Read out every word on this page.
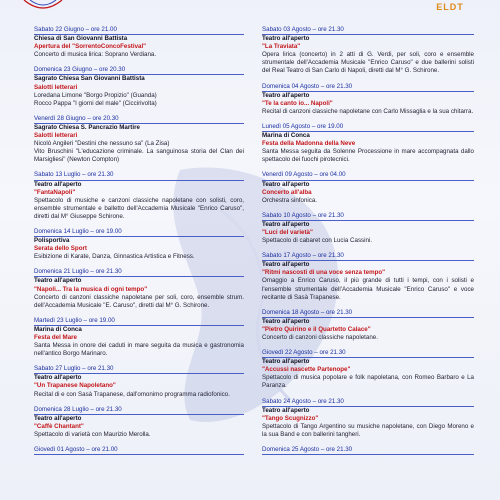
ELDT
Sabato 22 Giugno – ore 21.00
Chiesa di San Giovanni Battista
Apertura del "SorrentoConcoFestival"
Concerto di musica lirica: Soprano Verdiana.
Domenica 23 Giugno – ore 20.30
Sagrato Chiesa San Giovanni Battista
Salotti letterari
Loredana Limone "Borgo Propizio" (Guanda)
Rocco Pappa "I giorni del male" (Ciccirivolta)
Venerdì 28 Giugno – ore 20.30
Sagrato Chiesa S. Pancrazio Martire
Salotti letterari
Nicolò Angileri "Destini che nessuno sa" (La Zisa)
Vito Bruschini "L'educazione criminale. La sanguinosa storia del Clan dei Marsigliesi" (Newton Compton)
Sabato 13 Luglio – ore 21.30
Teatro all'aperto
"FantaNapoli"
Spettacolo di musiche e canzoni classiche napoletane con solisti, coro, ensemble strumentale e balletto dell'Accademia Musicale "Enrico Caruso", diretti dal M° Giuseppe Schirone.
Domenica 14 Luglio – ore 19.00
Polisportiva
Serata dello Sport
Esibizione di Karate, Danza, Ginnastica Artistica e Fitness.
Domenica 21 Luglio – ore 21.30
Teatro all'aperto
"Napoli... Tra la musica di ogni tempo"
Concerto di canzoni classiche napoletane per soli, coro, ensemble strum. dell'Accademia Musicale "E. Caruso", diretti dal M° G. Schirone.
Martedì 23 Luglio – ore 19.00
Marina di Conca
Festa del Mare
Santa Messa in onore dei caduti in mare seguita da musica e gastronomia nell'antico Borgo Marinaro.
Sabato 27 Luglio – ore 21.30
Teatro all'aperto
"Un Trapanese Napoletano"
Recital di e con Sasà Trapanese, dall'omonimo programma radiofonico.
Domenica 28 Luglio – ore 21.30
Teatro all'aperto
"Caffè Chantant"
Spettacolo di varietà con Maurizio Merolla.
Giovedì 01 Agosto – ore 21.00
Sabato 03 Agosto – ore 21.30
Teatro all'aperto
"La Traviata"
Opera lirica (concerto) in 2 atti di G. Verdi, per soli, coro e ensemble strumentale dell'Accademia Musicale "Enrico Caruso" e due ballerini solisti del Real Teatro di San Carlo di Napoli, diretti dal M° G. Schirone.
Domenica 04 Agosto – ore 21.30
Teatro all'aperto
"Te la canto io... Napoli"
Recital di canzoni classiche napoletane con Carlo Missaglia e la sua chitarra.
Lunedì 05 Agosto – ore 19.00
Marina di Conca
Festa della Madonna della Neve
Santa Messa seguita da Solenne Processione in mare accompagnata dallo spettacolo dei fuochi pirotecnici.
Venerdì 09 Agosto – ore 04.00
Teatro all'aperto
Concerto all'alba
Orchestra sinfonica.
Sabato 10 Agosto – ore 21.30
Teatro all'aperto
"Luci del varietà"
Spettacolo di cabaret con Lucia Cassini.
Sabato 17 Agosto – ore 21.30
Teatro all'aperto
"Ritmi nascosti di una voce senza tempo"
Omaggio a Enrico Caruso, il più grande di tutti i tempi, con i solisti e l'ensemble strumentale dell'Accademia Musicale "Enrico Caruso" e voce recitante di Sasà Trapanese.
Domenica 18 Agosto – ore 21.30
Teatro all'aperto
"Pietro Quirino e il Quartetto Calace"
Concerto di canzoni classiche napoletane.
Giovedì 22 Agosto – ore 21.30
Teatro all'aperto
"Accussì nascette Partenope"
Spettacolo di musica popolare e folk napoletana, con Romeo Barbaro e La Paranza.
Sabato 24 Agosto – ore 21.30
Teatro all'aperto
"Tango Scugnizzo"
Spettacolo di Tango Argentino su musiche napoletane, con Diego Moreno e la sua Band e con ballerini tangheri.
Domenica 25 Agosto – ore 21.30
